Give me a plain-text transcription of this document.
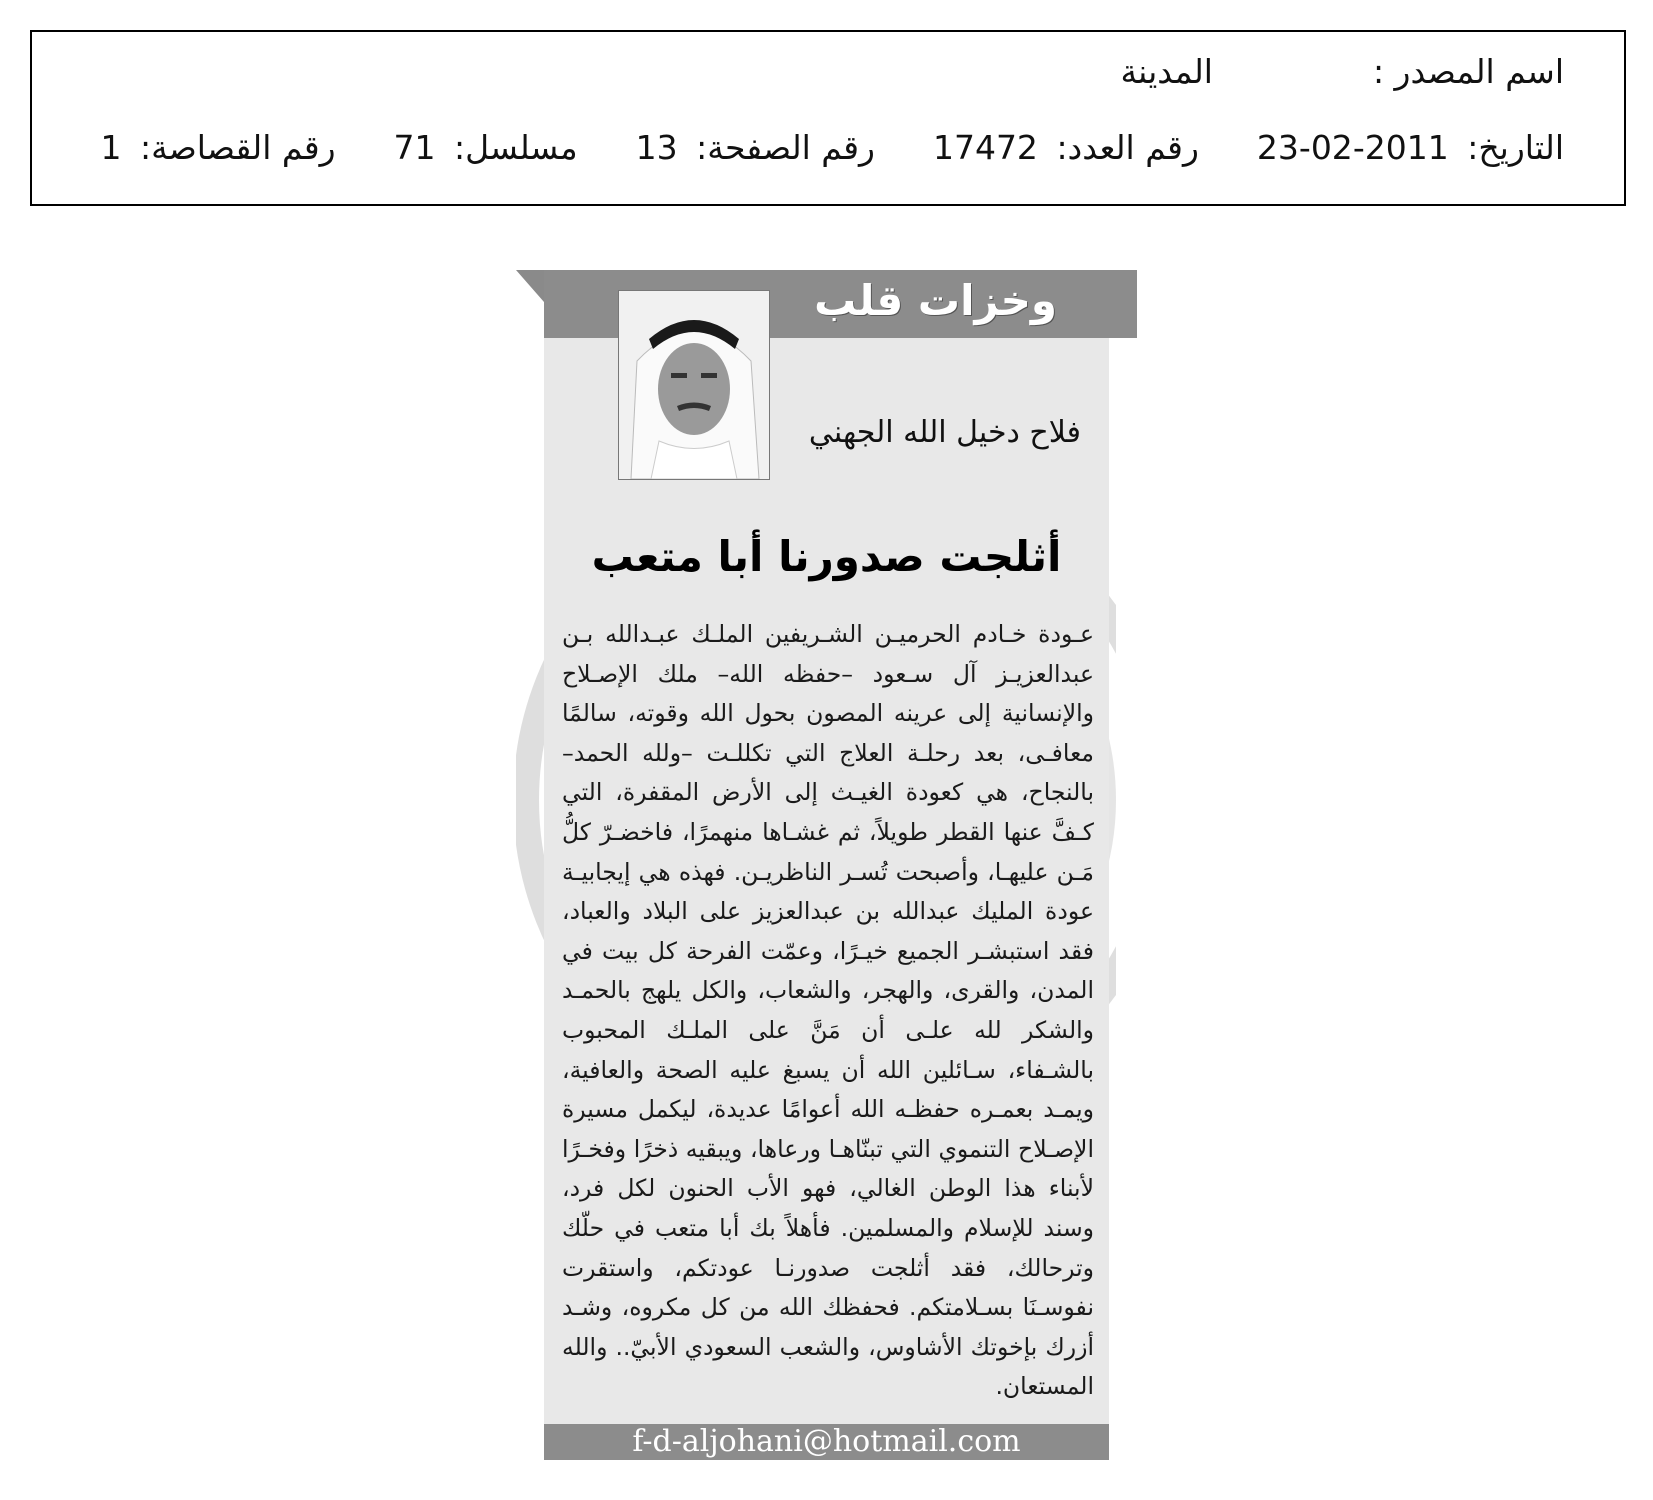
اسم المصدر :
المدينة
التاريخ: 2011-02-23
رقم العدد: 17472
رقم الصفحة: 13
مسلسل: 71
رقم القصاصة: 1
وخزات قلب
فلاح دخيل الله الجهني
أثلجت صدورنا أبا متعب
عـودة خـادم الحرميـن الشـريفين الملـك عبـدالله بـن عبدالعزيـز آل سـعود –حفظه الله– ملك الإصـلاح والإنسانية إلى عرينه المصون بحول الله وقوته، سالمًا معافـى، بعد رحلـة العلاج التي تكللـت –ولله الحمد– بالنجاح، هي كعودة الغيـث إلى الأرض المقفرة، التي كـفَّ عنها القطر طويلاً، ثم غشـاها منهمرًا، فاخضـرّ كلُّ مَـن عليهـا، وأصبحت تُسـر الناظريـن. فهذه هي إيجابيـة عودة المليك عبدالله بن عبدالعزيز على البلاد والعباد، فقد استبشـر الجميع خيـرًا، وعمّت الفرحة كل بيت في المدن، والقرى، والهجر، والشعاب، والكل يلهج بالحمـد والشكر لله علـى أن مَنَّ على الملـك المحبوب بالشـفاء، سـائلين الله أن يسبغ عليه الصحة والعافية، ويمـد بعمـره حفظـه الله أعوامًا عديدة، ليكمل مسيرة الإصـلاح التنموي التي تبنّاهـا ورعاها، ويبقيه ذخرًا وفخـرًا لأبناء هذا الوطن الغالي، فهو الأب الحنون لكل فرد، وسند للإسلام والمسلمين. فأهلاً بك أبا متعب في حلّك وترحالك، فقد أثلجت صدورنـا عودتكم، واستقرت نفوسـنَا بسـلامتكم. فحفظك الله من كل مكروه، وشـد أزرك بإخوتك الأشاوس، والشعب السعودي الأبيّ.. والله المستعان.
f-d-aljohani@hotmail.com
